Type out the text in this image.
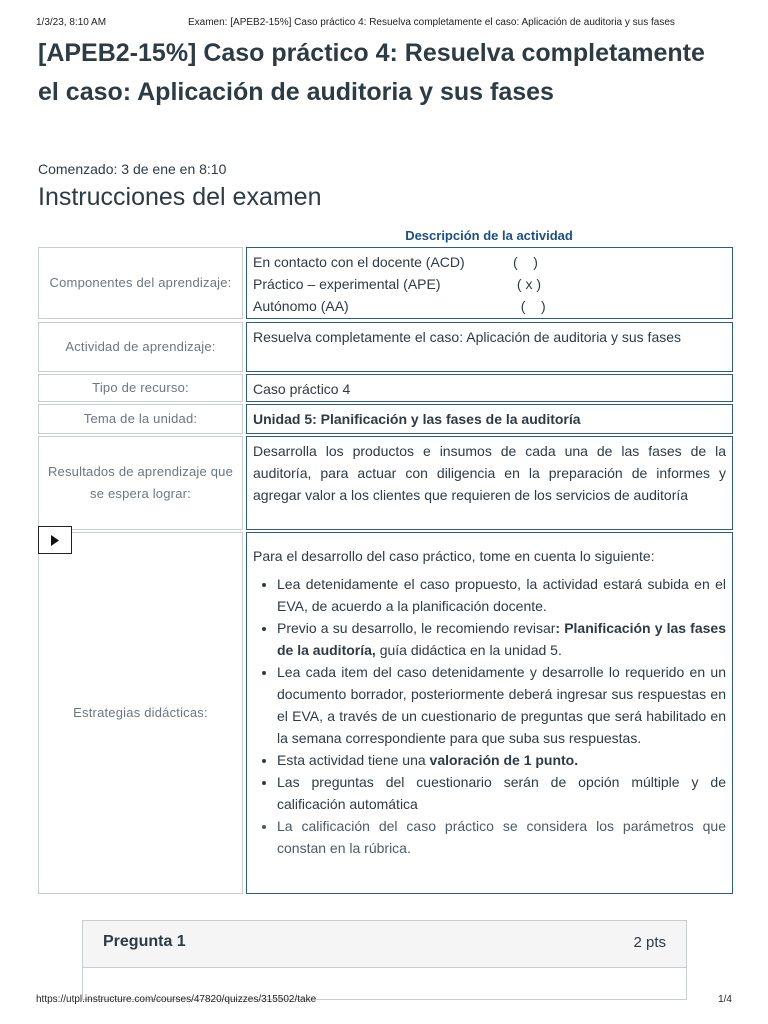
1/3/23, 8:10 AM	Examen: [APEB2-15%] Caso práctico 4: Resuelva completamente el caso: Aplicación de auditoria y sus fases
[APEB2-15%] Caso práctico 4: Resuelva completamente el caso: Aplicación de auditoria y sus fases
Comenzado: 3 de ene en 8:10
Instrucciones del examen
Descripción de la actividad
Componentes del aprendizaje:
En contacto con el docente (ACD)	(    )
Práctico – experimental (APE)	( x )
Autónomo (AA)	(    )
Actividad de aprendizaje:
Resuelva completamente el caso: Aplicación de auditoria y sus fases
Tipo de recurso:	Caso práctico 4
Tema de la unidad:	Unidad 5: Planificación y las fases de la auditoría
Resultados de aprendizaje que se espera lograr:
Desarrolla los productos e insumos de cada una de las fases de la auditoría, para actuar con diligencia en la preparación de informes y agregar valor a los clientes que requieren de los servicios de auditoría
Estrategias didácticas:
Para el desarrollo del caso práctico, tome en cuenta lo siguiente:
• Lea detenidamente el caso propuesto, la actividad estará subida en el EVA, de acuerdo a la planificación docente.
• Previo a su desarrollo, le recomiendo revisar: Planificación y las fases de la auditoría, guía didáctica en la unidad 5.
• Lea cada item del caso detenidamente y desarrolle lo requerido en un documento borrador, posteriormente deberá ingresar sus respuestas en el EVA, a través de un cuestionario de preguntas que será habilitado en la semana correspondiente para que suba sus respuestas.
• Esta actividad tiene una valoración de 1 punto.
• Las preguntas del cuestionario serán de opción múltiple y de calificación automática
• La calificación del caso práctico se considera los parámetros que constan en la rúbrica.
Pregunta 1	2 pts
https://utpl.instructure.com/courses/47820/quizzes/315502/take	1/4
